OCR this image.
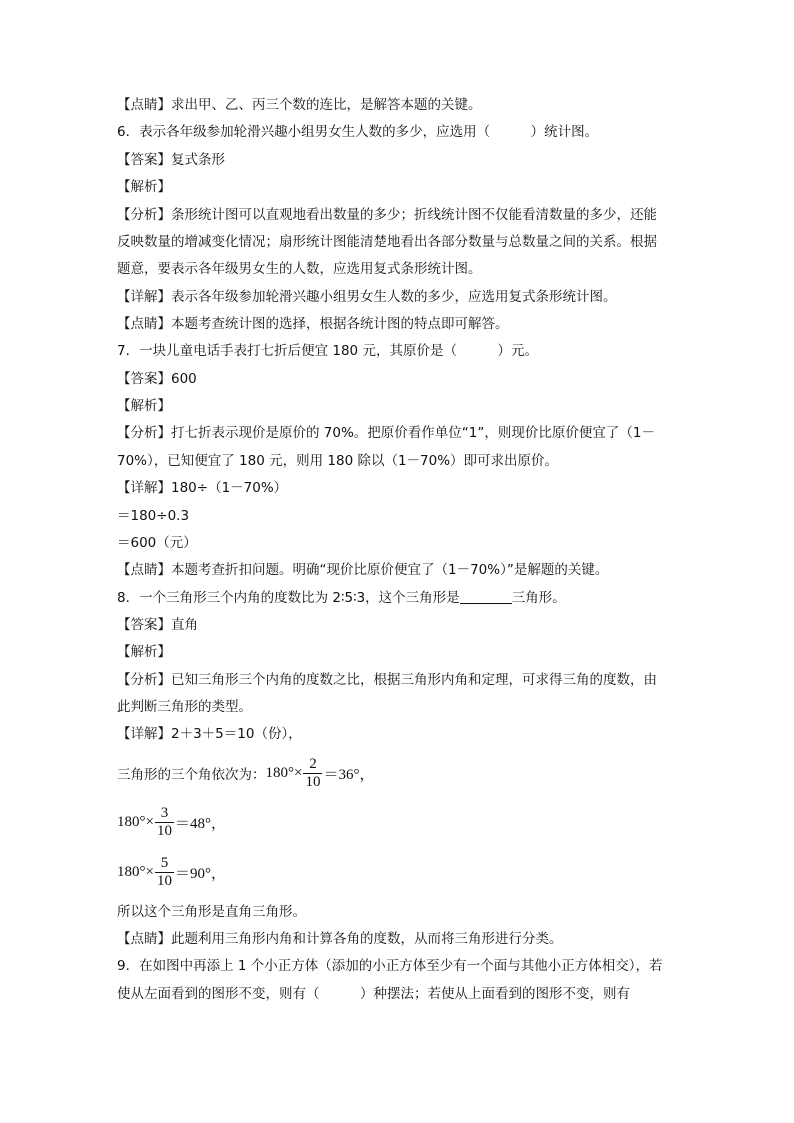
【点睛】求出甲、乙、丙三个数的连比，是解答本题的关键。
6．表示各年级参加轮滑兴趣小组男女生人数的多少，应选用（　　　）统计图。
【答案】复式条形
【解析】
【分析】条形统计图可以直观地看出数量的多少；折线统计图不仅能看清数量的多少，还能
反映数量的增减变化情况；扇形统计图能清楚地看出各部分数量与总数量之间的关系。根据
题意，要表示各年级男女生的人数，应选用复式条形统计图。
【详解】表示各年级参加轮滑兴趣小组男女生人数的多少，应选用复式条形统计图。
【点睛】本题考查统计图的选择，根据各统计图的特点即可解答。
7．一块儿童电话手表打七折后便宜 180 元，其原价是（　　　）元。
【答案】600
【解析】
【分析】打七折表示现价是原价的 70%。把原价看作单位“1”，则现价比原价便宜了（1－
70%），已知便宜了 180 元，则用 180 除以（1－70%）即可求出原价。
【详解】180÷（1－70%）
＝180÷0.3
＝600（元）
【点睛】本题考查折扣问题。明确“现价比原价便宜了（1－70%）”是解题的关键。
8．一个三角形三个内角的度数比为 2∶5∶3，这个三角形是	三角形。
【答案】直角
【解析】
【分析】已知三角形三个内角的度数之比，根据三角形内角和定理，可求得三角的度数，由
此判断三角形的类型。
【详解】2＋3＋5＝10（份），
三角形的三个角依次为： $180^\circ\times \frac{2}{10} =36^\circ$，
$180^\circ\times \frac{3}{10} =48^\circ$，
$180^\circ\times \frac{5}{10} =90^\circ$，
所以这个三角形是直角三角形。
【点睛】此题利用三角形内角和计算各角的度数，从而将三角形进行分类。
9．在如图中再添上 1 个小正方体（添加的小正方体至少有一个面与其他小正方体相交），若
使从左面看到的图形不变，则有（　　　）种摆法；若使从上面看到的图形不变，则有
